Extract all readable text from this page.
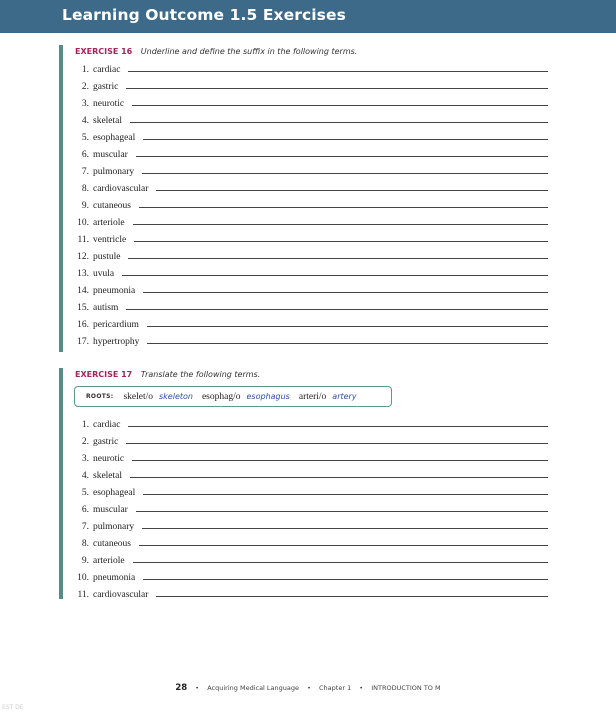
Learning Outcome 1.5 Exercises
EXERCISE 16 Underline and define the suffix in the following terms.
1. cardiac
2. gastric
3. neurotic
4. skeletal
5. esophageal
6. muscular
7. pulmonary
8. cardiovascular
9. cutaneous
10. arteriole
11. ventricle
12. pustule
13. uvula
14. pneumonia
15. autism
16. pericardium
17. hypertrophy
EXERCISE 17 Translate the following terms.
ROOTS: skelet/o skeleton esophag/o esophagus arteri/o artery
1. cardiac
2. gastric
3. neurotic
4. skeletal
5. esophageal
6. muscular
7. pulmonary
8. cutaneous
9. arteriole
10. pneumonia
11. cardiovascular
28 • Acquiring Medical Language • Chapter 1 • INTRODUCTION TO M
EST DE
